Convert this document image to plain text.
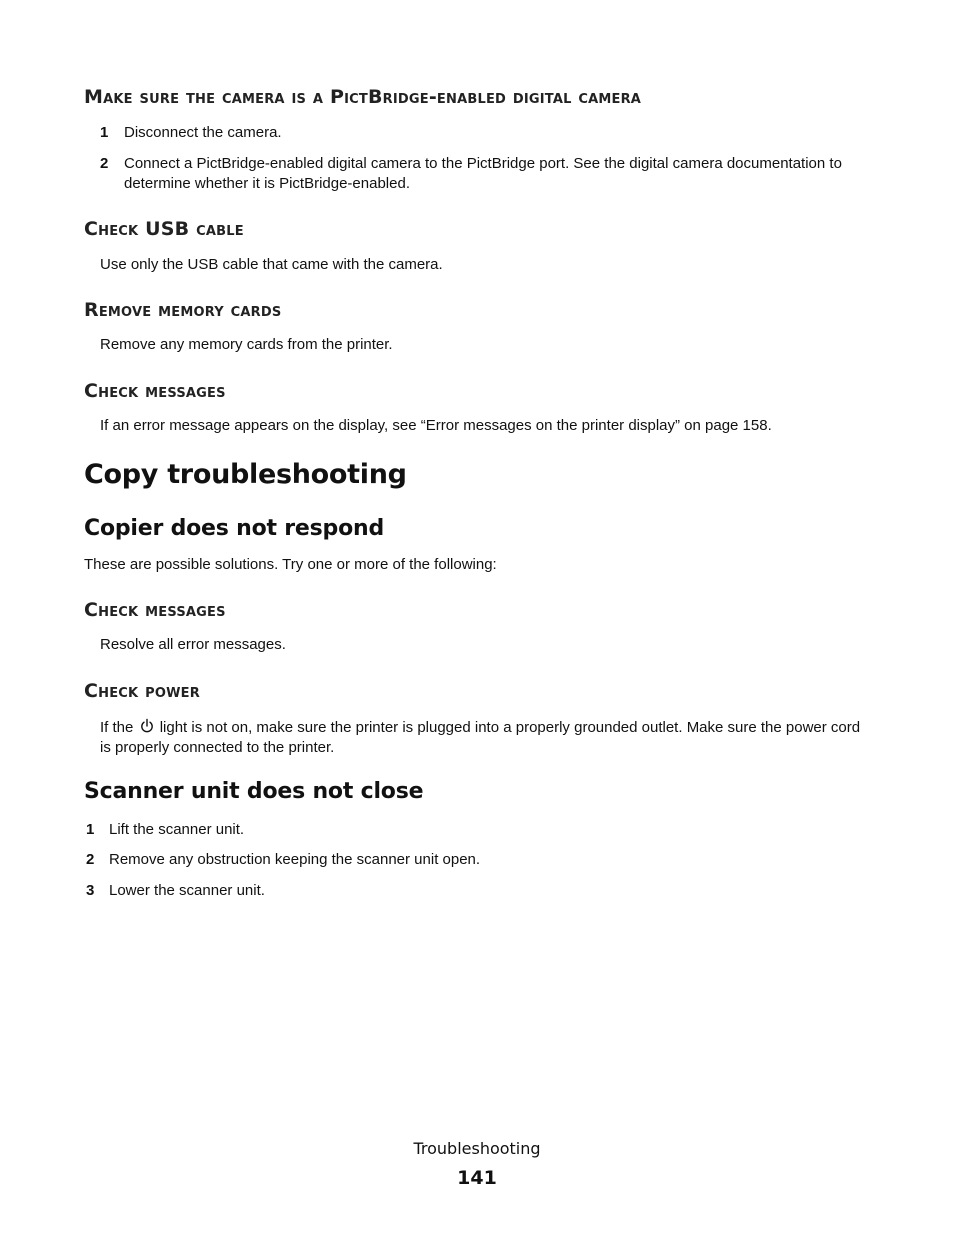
Make sure the camera is a PictBridge-enabled digital camera
1	Disconnect the camera.
2	Connect a PictBridge-enabled digital camera to the PictBridge port. See the digital camera documentation to determine whether it is PictBridge-enabled.
Check USB cable

Use only the USB cable that came with the camera.

Remove memory cards

Remove any memory cards from the printer.

Check messages

If an error message appears on the display, see “Error messages on the printer display” on page 158.

Copy troubleshooting
Copier does not respond

These are possible solutions. Try one or more of the following:

Check messages

Resolve all error messages.

Check power

If the light is not on, make sure the printer is plugged into a properly grounded outlet. Make sure the power cord is properly connected to the printer.

Scanner unit does not close
1 Lift the scanner unit.
2 Remove any obstruction keeping the scanner unit open.
3 Lower the scanner unit.
Troubleshooting
141
